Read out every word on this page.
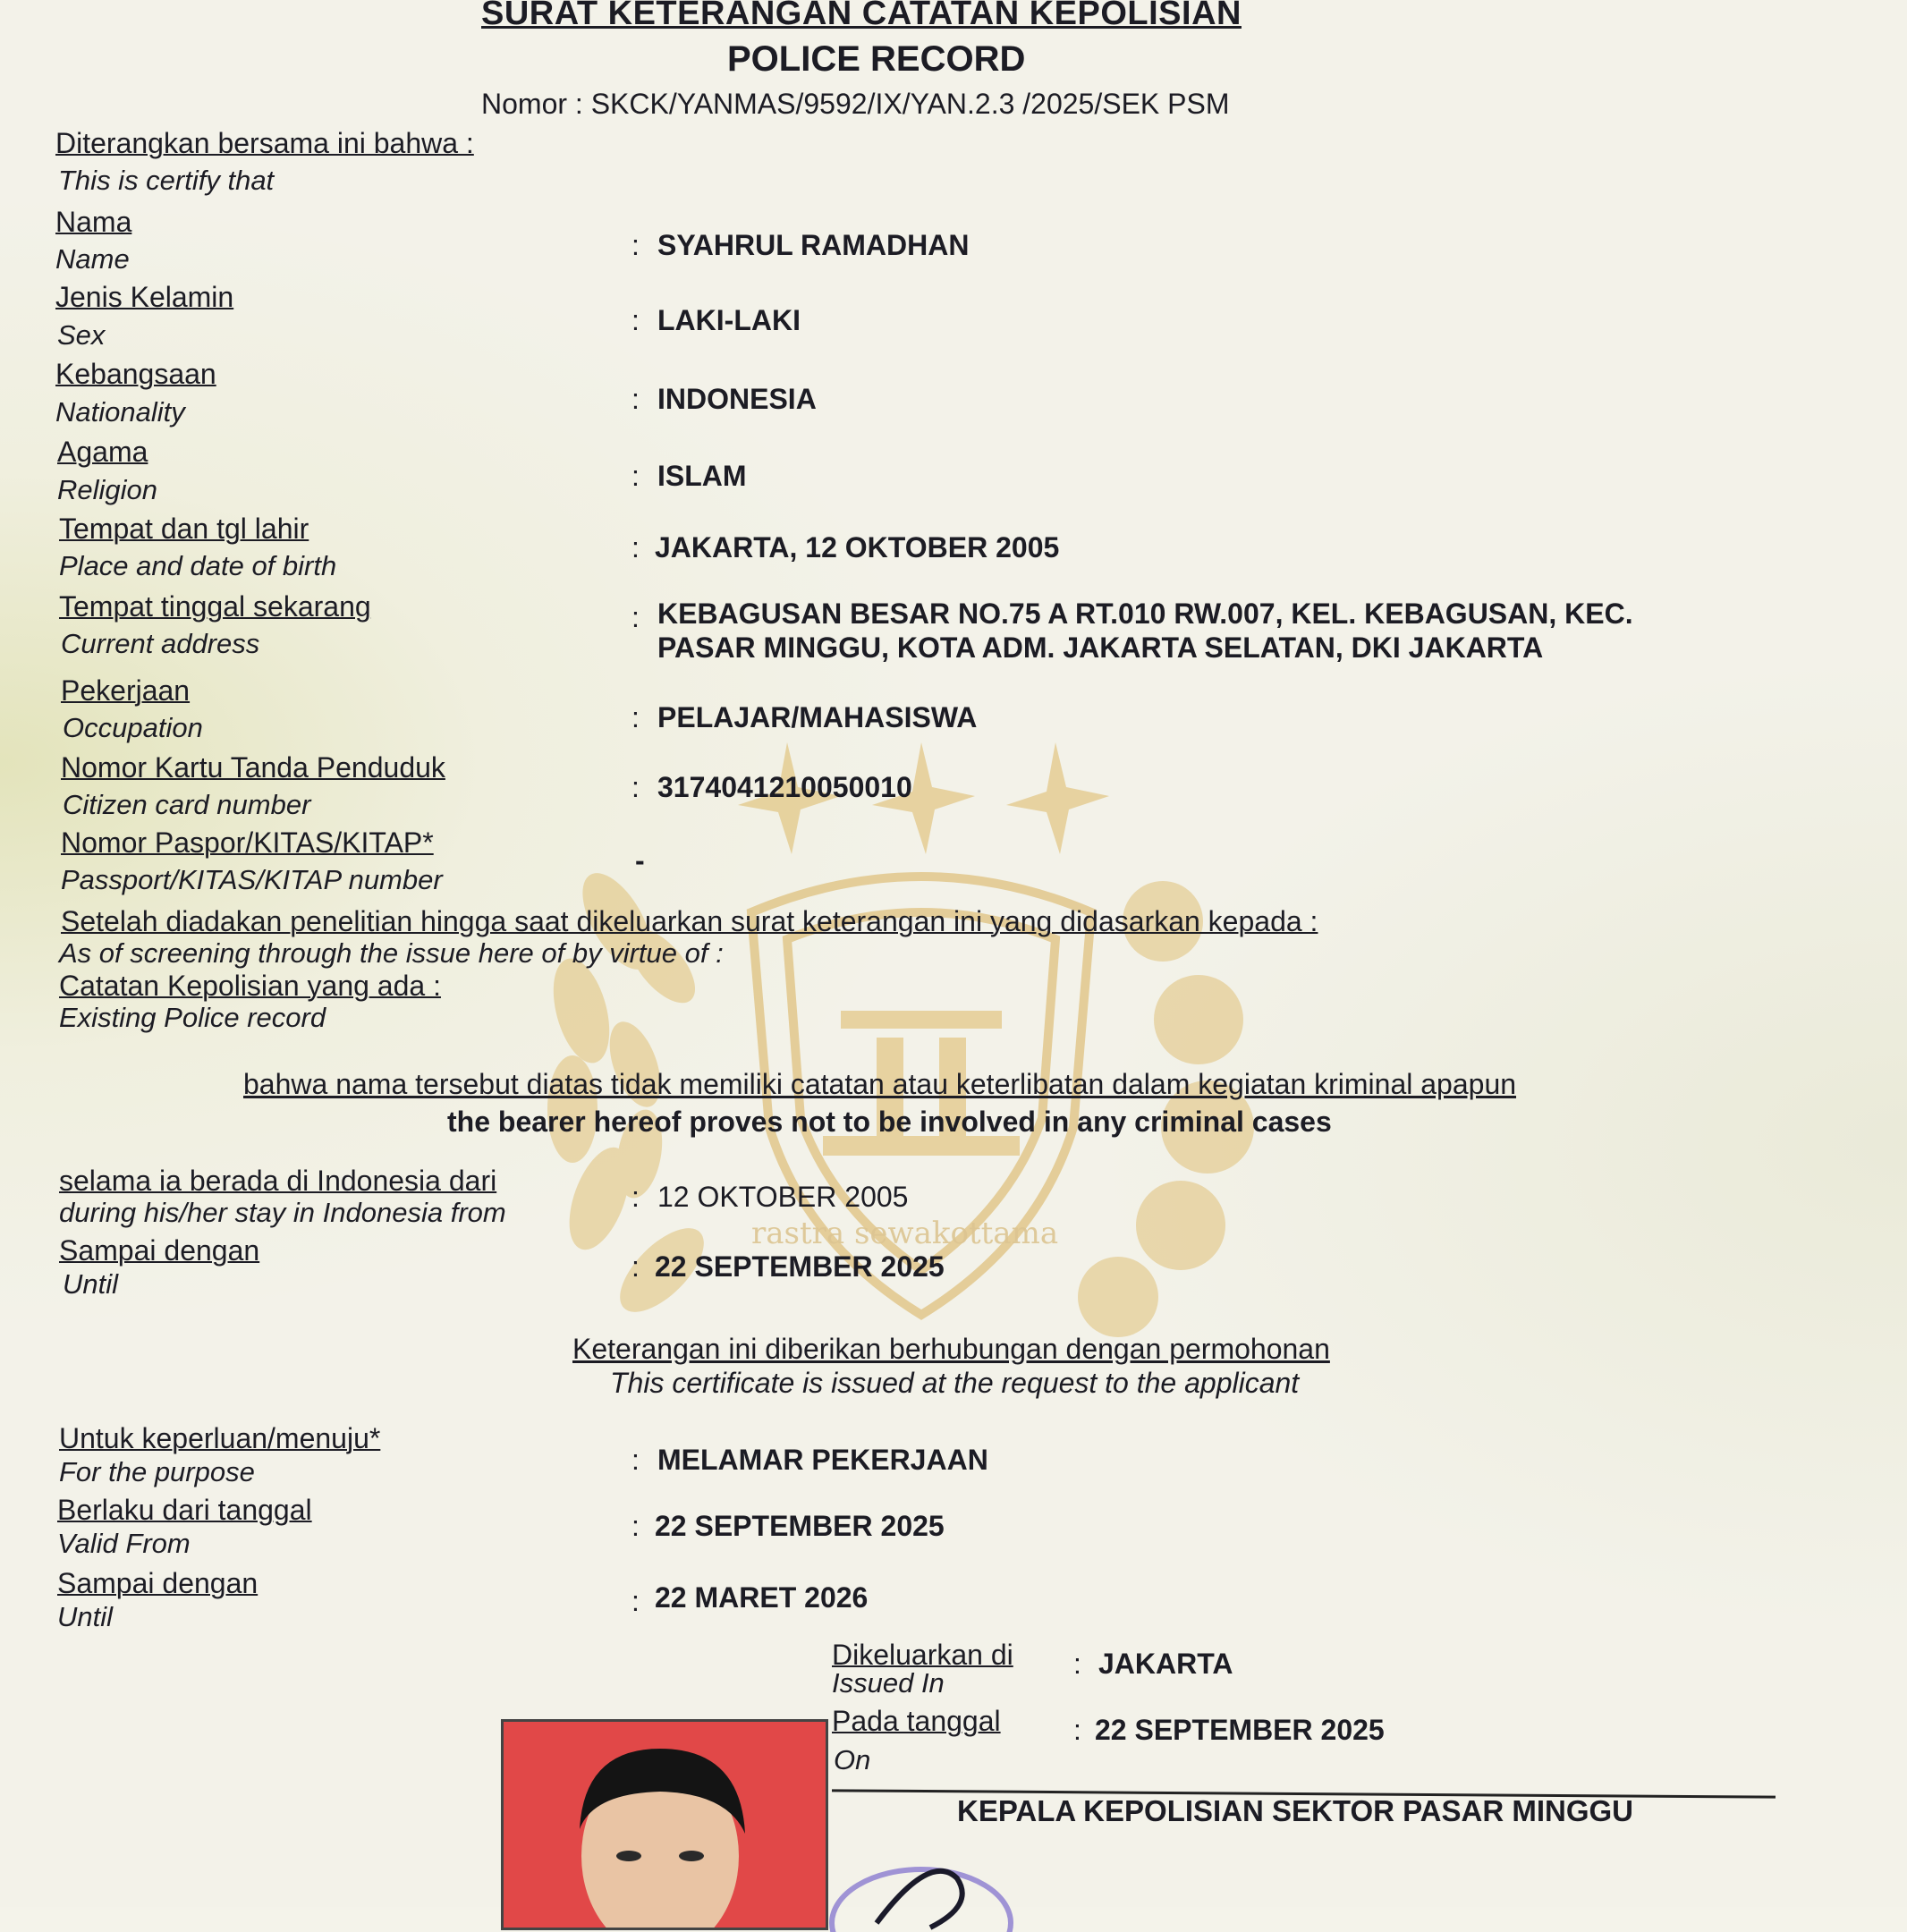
rastra sewakottama
SURAT KETERANGAN CATATAN KEPOLISIAN
POLICE RECORD
Nomor : SKCK/YANMAS/9592/IX/YAN.2.3 /2025/SEK PSM
Diterangkan bersama ini bahwa :
This is certify that
Nama
Name	: SYAHRUL RAMADHAN
Jenis Kelamin
Sex	: LAKI-LAKI
Kebangsaan
Nationality	: INDONESIA
Agama
Religion	: ISLAM
Tempat dan tgl lahir
Place and date of birth
: JAKARTA, 12 OKTOBER 2005
Tempat tinggal sekarang
Current address
: KEBAGUSAN BESAR NO.75 A RT.010 RW.007, KEL. KEBAGUSAN, KEC.
PASAR MINGGU, KOTA ADM. JAKARTA SELATAN, DKI JAKARTA
Pekerjaan
Occupation	: PELAJAR/MAHASISWA
Nomor Kartu Tanda Penduduk
Citizen card number
: 3174041210050010
Nomor Paspor/KITAS/KITAP*
Passport/KITAS/KITAP number
-
Setelah diadakan penelitian hingga saat dikeluarkan surat keterangan ini yang didasarkan kepada :
As of screening through the issue here of by virtue of :
Catatan Kepolisian yang ada :
Existing Police record
bahwa nama tersebut diatas tidak memiliki catatan atau keterlibatan dalam kegiatan kriminal apapun
the bearer hereof proves not to be involved in any criminal cases
selama ia berada di Indonesia dari
during his/her stay in Indonesia from	: 12 OKTOBER 2005
Sampai dengan
Until
: 22 SEPTEMBER 2025
Keterangan ini diberikan berhubungan dengan permohonan
This certificate is issued at the request to the applicant
Untuk keperluan/menuju*
For the purpose	: MELAMAR PEKERJAAN
Berlaku dari tanggal
Valid From
: 22 SEPTEMBER 2025
Sampai dengan
Until	: 22 MARET 2026
Dikeluarkan di
Issued In
: JAKARTA
Pada tanggal
On
: 22 SEPTEMBER 2025
KEPALA KEPOLISIAN SEKTOR PASAR MINGGU
